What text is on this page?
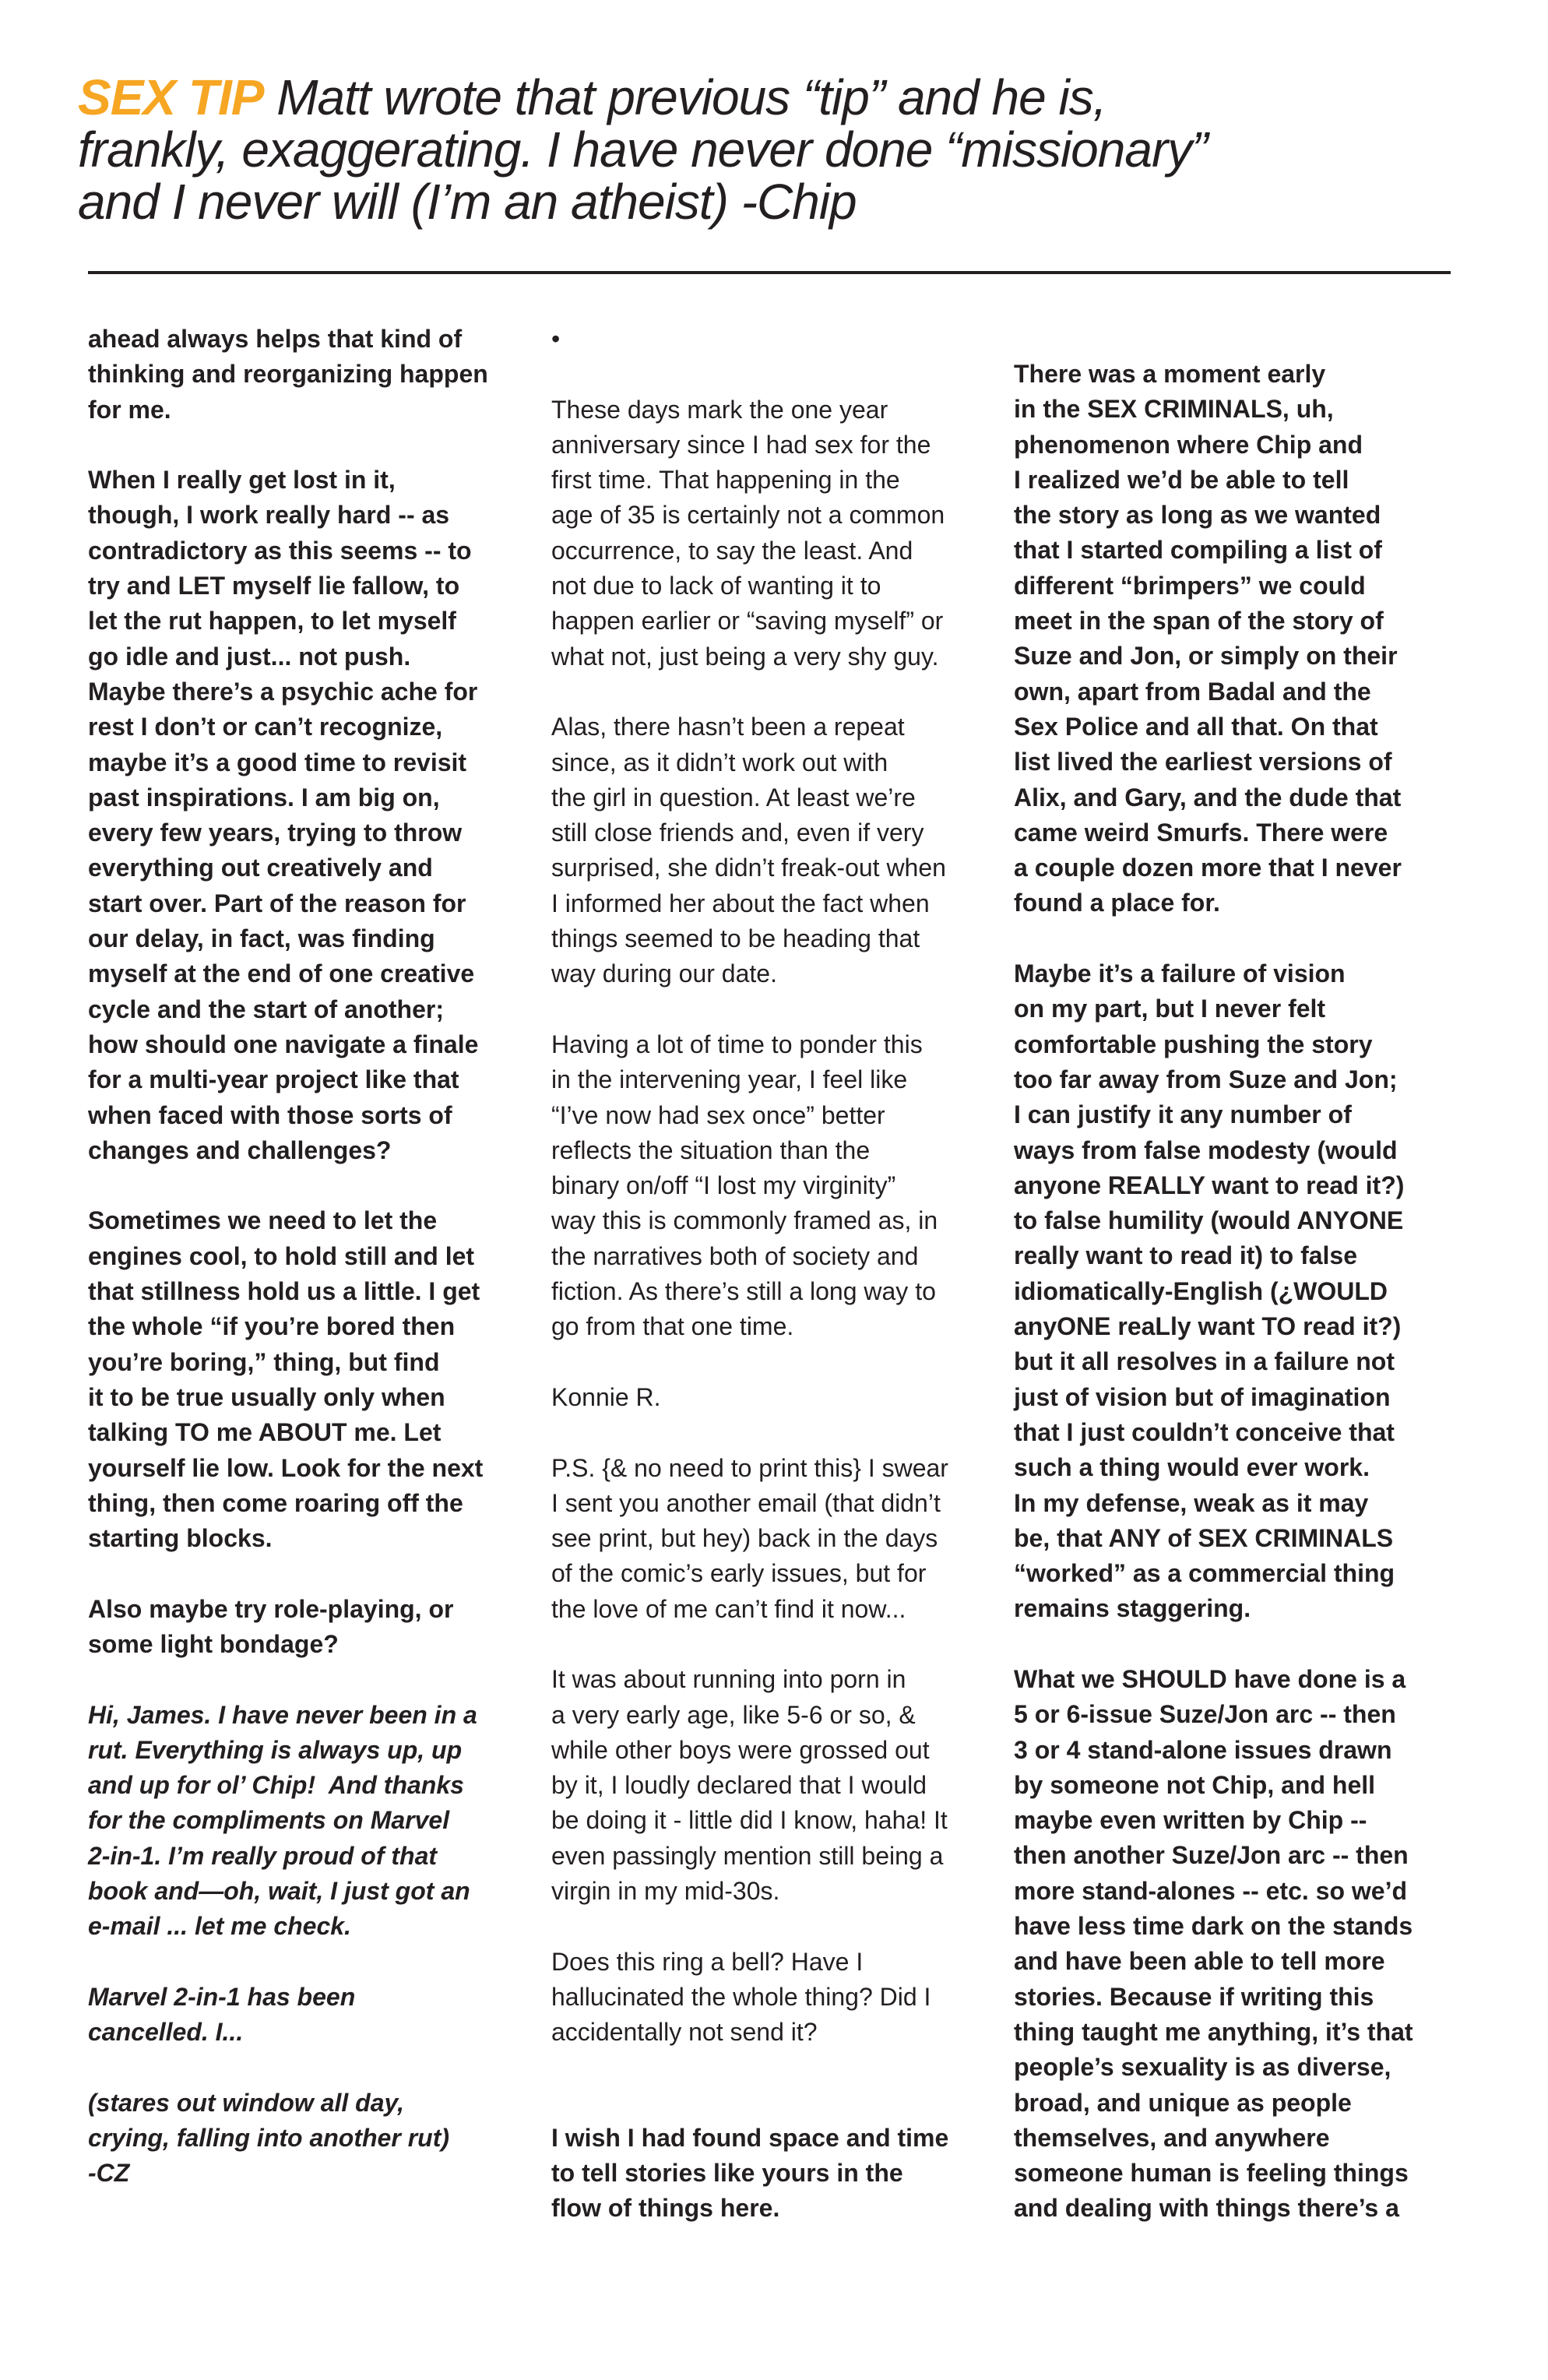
SEX TIP Matt wrote that previous “tip” and he is,
frankly, exaggerating. I have never done “missionary”
and I never will (I’m an atheist) -Chip

ahead always helps that kind of
thinking and reorganizing happen
for me.

When I really get lost in it,
though, I work really hard -- as
contradictory as this seems -- to
try and LET myself lie fallow, to
let the rut happen, to let myself
go idle and just... not push.
Maybe there’s a psychic ache for
rest I don’t or can’t recognize,
maybe it’s a good time to revisit
past inspirations. I am big on,
every few years, trying to throw
everything out creatively and
start over. Part of the reason for
our delay, in fact, was finding
myself at the end of one creative
cycle and the start of another;
how should one navigate a finale
for a multi-year project like that
when faced with those sorts of
changes and challenges?

Sometimes we need to let the
engines cool, to hold still and let
that stillness hold us a little. I get
the whole “if you’re bored then
you’re boring,” thing, but find
it to be true usually only when
talking TO me ABOUT me. Let
yourself lie low. Look for the next
thing, then come roaring off the
starting blocks.

Also maybe try role-playing, or
some light bondage?

Hi, James. I have never been in a
rut. Everything is always up, up
and up for ol’ Chip!  And thanks
for the compliments on Marvel
2-in-1. I’m really proud of that
book and—oh, wait, I just got an
e-mail ... let me check.

Marvel 2-in-1 has been
cancelled. I...

(stares out window all day,
crying, falling into another rut)
-CZ

•

These days mark the one year
anniversary since I had sex for the
first time. That happening in the
age of 35 is certainly not a common
occurrence, to say the least. And
not due to lack of wanting it to
happen earlier or “saving myself” or
what not, just being a very shy guy.

Alas, there hasn’t been a repeat
since, as it didn’t work out with
the girl in question. At least we’re
still close friends and, even if very
surprised, she didn’t freak-out when
I informed her about the fact when
things seemed to be heading that
way during our date.

Having a lot of time to ponder this
in the intervening year, I feel like
“I’ve now had sex once” better
reflects the situation than the
binary on/off “I lost my virginity”
way this is commonly framed as, in
the narratives both of society and
fiction. As there’s still a long way to
go from that one time.

Konnie R.

P.S. {& no need to print this} I swear
I sent you another email (that didn’t
see print, but hey) back in the days
of the comic’s early issues, but for
the love of me can’t find it now...

It was about running into porn in
a very early age, like 5-6 or so, &
while other boys were grossed out
by it, I loudly declared that I would
be doing it - little did I know, haha! It
even passingly mention still being a
virgin in my mid-30s.

Does this ring a bell? Have I
hallucinated the whole thing? Did I
accidentally not send it?

I wish I had found space and time
to tell stories like yours in the
flow of things here.

There was a moment early
in the SEX CRIMINALS, uh,
phenomenon where Chip and
I realized we’d be able to tell
the story as long as we wanted
that I started compiling a list of
different “brimpers” we could
meet in the span of the story of
Suze and Jon, or simply on their
own, apart from Badal and the
Sex Police and all that. On that
list lived the earliest versions of
Alix, and Gary, and the dude that
came weird Smurfs. There were
a couple dozen more that I never
found a place for.

Maybe it’s a failure of vision
on my part, but I never felt
comfortable pushing the story
too far away from Suze and Jon;
I can justify it any number of
ways from false modesty (would
anyone REALLY want to read it?)
to false humility (would ANYONE
really want to read it) to false
idiomatically-English (¿WOULD
anyONE reaLly want TO read it?)
but it all resolves in a failure not
just of vision but of imagination
that I just couldn’t conceive that
such a thing would ever work.
In my defense, weak as it may
be, that ANY of SEX CRIMINALS
“worked” as a commercial thing
remains staggering.

What we SHOULD have done is a
5 or 6-issue Suze/Jon arc -- then
3 or 4 stand-alone issues drawn
by someone not Chip, and hell
maybe even written by Chip --
then another Suze/Jon arc -- then
more stand-alones -- etc. so we’d
have less time dark on the stands
and have been able to tell more
stories. Because if writing this
thing taught me anything, it’s that
people’s sexuality is as diverse,
broad, and unique as people
themselves, and anywhere
someone human is feeling things
and dealing with things there’s a
